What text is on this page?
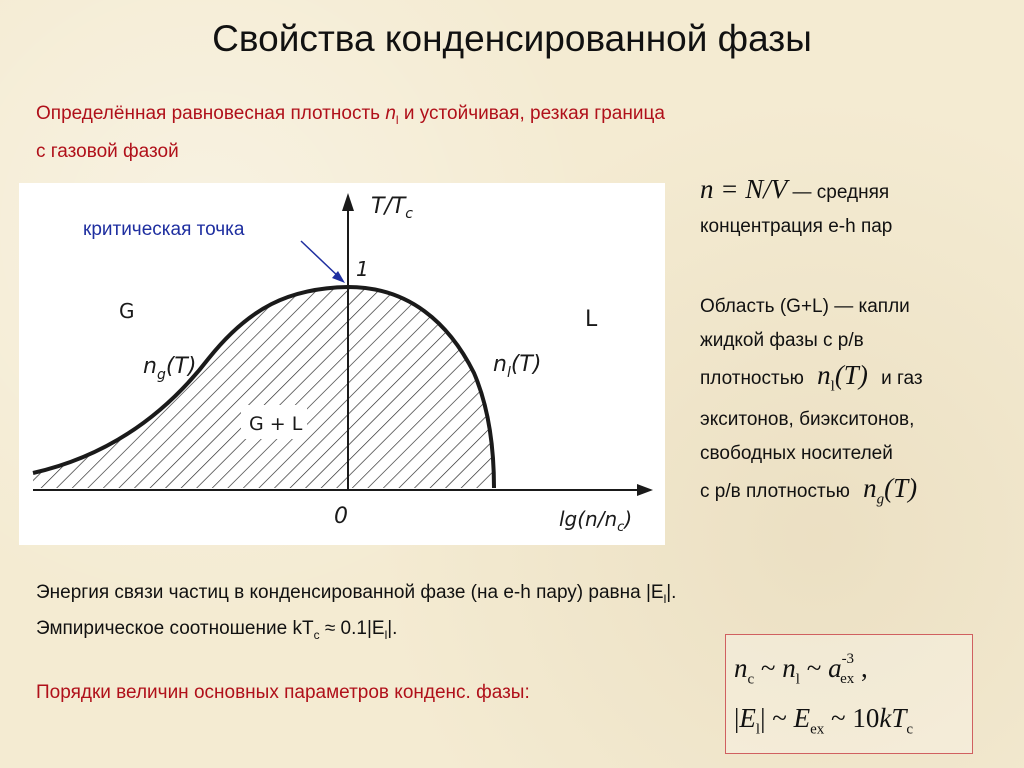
Свойства конденсированной фазы
Определённая равновесная плотность $n_l$ и устойчивая, резкая граница
с газовой фазой
$T/T_c$
$\lg(n/n_c)$
1
0
G	L
G + L
$n_g(T)$	$n_l(T)$
критическая точка
n = N/V — средняя
концентрация e-h пар
Область (G+L) — капли
жидкой фазы с р/в
плотностью $n_l(T)$ и газ
экситонов, биэкситонов,
свободных носителей
с р/в плотностью $n_g(T)$
Энергия связи частиц в конденсированной фазе (на e-h пару) равна $|E_l|$.
Эмпирическое соотношение $kT_c \approx 0.1|E_l|$.
Порядки величин основных параметров конденс. фазы:
$n_c$ ~ $n_l$ ~ $a^{-3}_{ex}$ ,
$|E_l|$ ~ $E_{ex}$ ~ $10kT_c$
